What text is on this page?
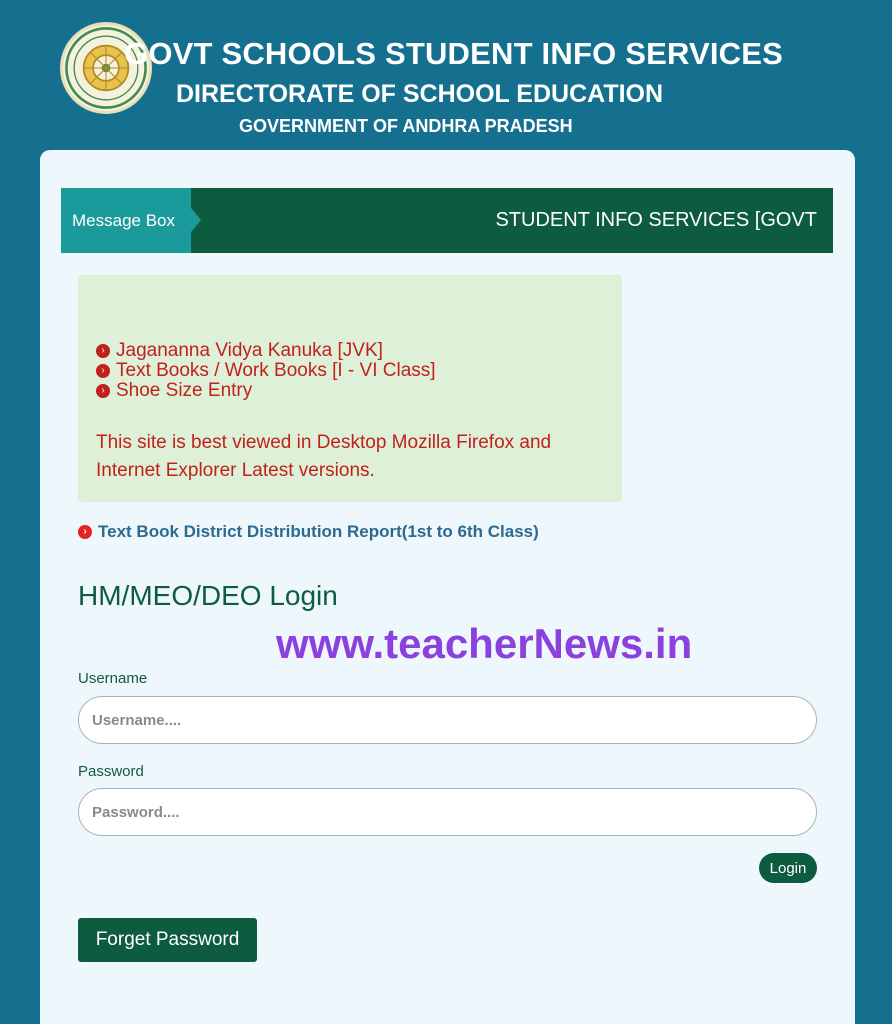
GOVT SCHOOLS STUDENT INFO SERVICES
DIRECTORATE OF SCHOOL EDUCATION
GOVERNMENT OF ANDHRA PRADESH
Message Box	STUDENT INFO SERVICES [GOVT
› Jagananna Vidya Kanuka [JVK]
› Text Books / Work Books [I - VI Class]
› Shoe Size Entry

This site is best viewed in Desktop Mozilla Firefox and Internet Explorer Latest versions.

› Text Book District Distribution Report(1st to 6th Class)
HM/MEO/DEO Login

www.teacherNews.in

Username
Username....
Password
Login
Forget Password
